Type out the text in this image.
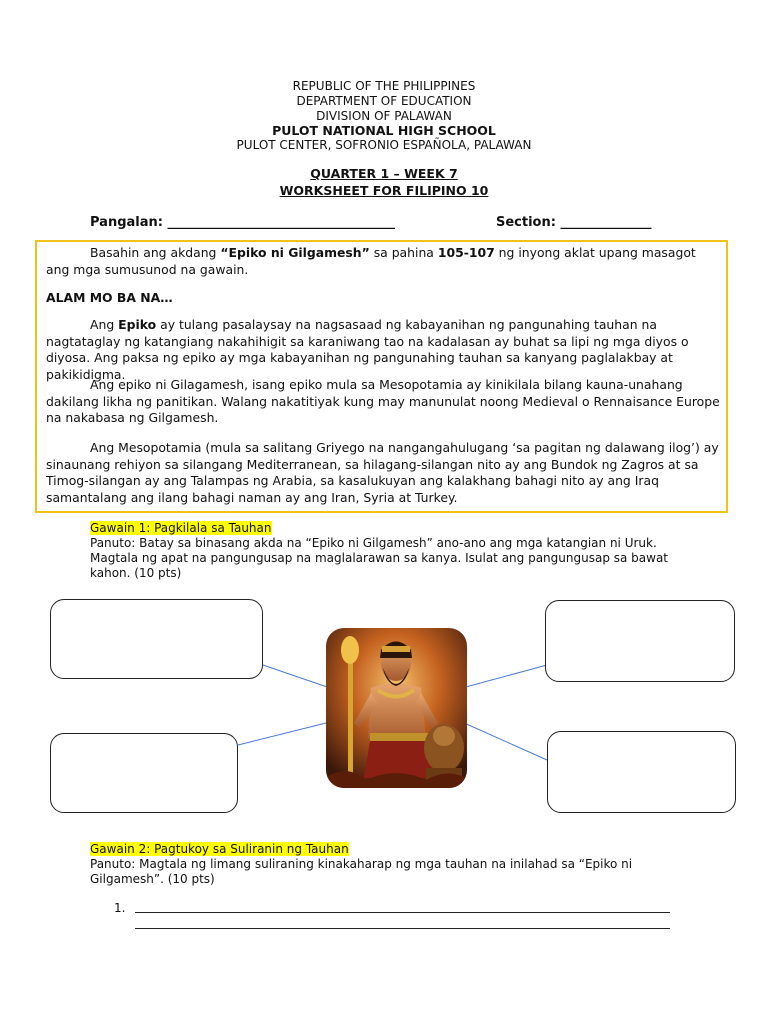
REPUBLIC OF THE PHILIPPINES
DEPARTMENT OF EDUCATION
DIVISION OF PALAWAN
PULOT NATIONAL HIGH SCHOOL
PULOT CENTER, SOFRONIO ESPAÑOLA, PALAWAN
QUARTER 1 – WEEK 7
WORKSHEET FOR FILIPINO 10
Pangalan: ___________________________________	Section: ______________
Basahin ang akdang “Epiko ni Gilgamesh” sa pahina 105-107 ng inyong aklat upang masagot ang mga sumusunod na gawain.
ALAM MO BA NA…
Ang Epiko ay tulang pasalaysay na nagsasaad ng kabayanihan ng pangunahing tauhan na nagtataglay ng katangiang nakahihigit sa karaniwang tao na kadalasan ay buhat sa lipi ng mga diyos o diyosa. Ang paksa ng epiko ay mga kabayanihan ng pangunahing tauhan sa kanyang paglalakbay at pakikidigma.
Ang epiko ni Gilagamesh, isang epiko mula sa Mesopotamia ay kinikilala bilang kauna-unahang dakilang likha ng panitikan. Walang nakatitiyak kung may manunulat noong Medieval o Rennaisance Europe na nakabasa ng Gilgamesh.
Ang Mesopotamia (mula sa salitang Griyego na nangangahulugang ‘sa pagitan ng dalawang ilog’) ay sinaunang rehiyon sa silangang Mediterranean, sa hilagang-silangan nito ay ang Bundok ng Zagros at sa Timog-silangan ay ang Talampas ng Arabia, sa kasalukuyan ang kalakhang bahagi nito ay ang Iraq samantalang ang ilang bahagi naman ay ang Iran, Syria at Turkey.
Gawain 1: Pagkilala sa Tauhan
Panuto: Batay sa binasang akda na “Epiko ni Gilgamesh” ano-ano ang mga katangian ni Uruk. Magtala ng apat na pangungusap na maglalarawan sa kanya. Isulat ang pangungusap sa bawat kahon. (10 pts)
Gawain 2: Pagtukoy sa Suliranin ng Tauhan
Panuto: Magtala ng limang suliraning kinakaharap ng mga tauhan na inilahad sa “Epiko ni Gilgamesh”. (10 pts)
1.
